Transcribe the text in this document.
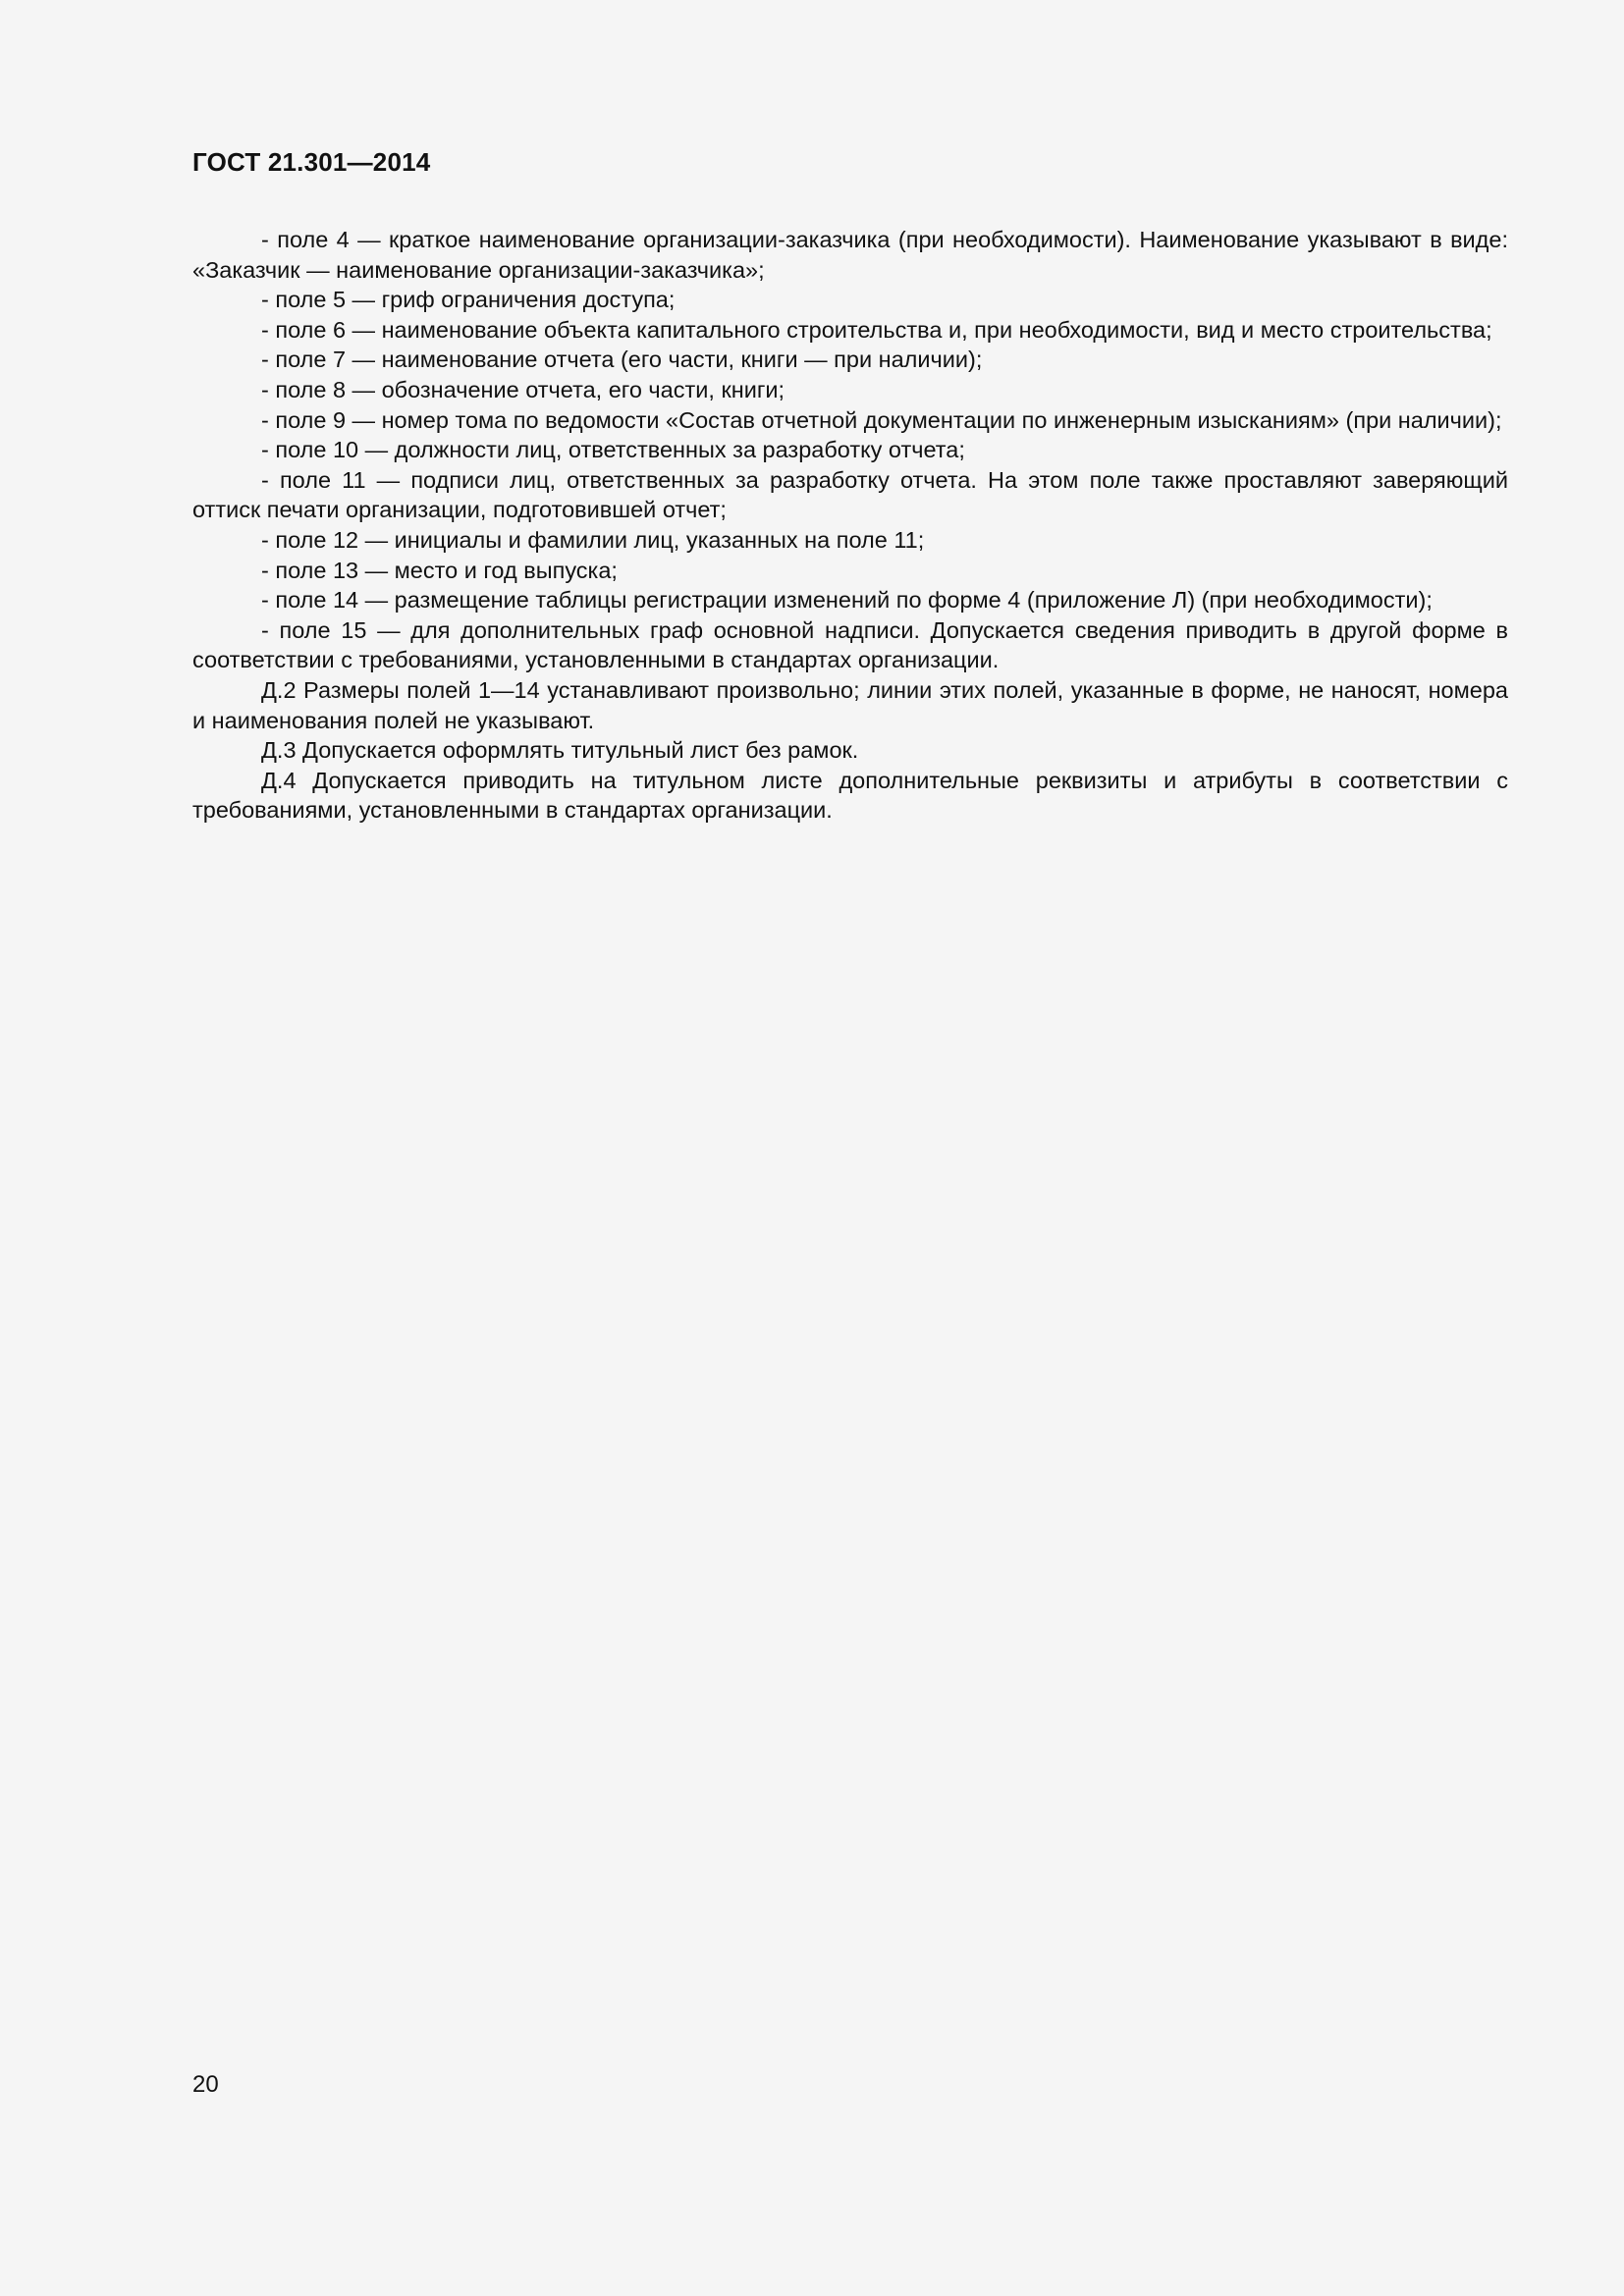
ГОСТ 21.301—2014

- поле 4 — краткое наименование организации-заказчика (при необходимости). Наименование указывают в виде: «Заказчик — наименование организации-заказчика»;

- поле 5 — гриф ограничения доступа;

- поле 6 — наименование объекта капитального строительства и, при необходимости, вид и место строительства;

- поле 7 — наименование отчета (его части, книги — при наличии);

- поле 8 — обозначение отчета, его части, книги;

- поле 9 — номер тома по ведомости «Состав отчетной документации по инженерным изысканиям» (при наличии);

- поле 10 — должности лиц, ответственных за разработку отчета;

- поле 11 — подписи лиц, ответственных за разработку отчета. На этом поле также проставляют заверяющий оттиск печати организации, подготовившей отчет;

- поле 12 — инициалы и фамилии лиц, указанных на поле 11;

- поле 13 — место и год выпуска;

- поле 14 — размещение таблицы регистрации изменений по форме 4 (приложение Л) (при необходимости);

- поле 15 — для дополнительных граф основной надписи. Допускается сведения приводить в другой форме в соответствии с требованиями, установленными в стандартах организации.

Д.2 Размеры полей 1—14 устанавливают произвольно; линии этих полей, указанные в форме, не наносят, номера и наименования полей не указывают.

Д.3 Допускается оформлять титульный лист без рамок.

Д.4 Допускается приводить на титульном листе дополнительные реквизиты и атрибуты в соответствии с требованиями, установленными в стандартах организации.

20
